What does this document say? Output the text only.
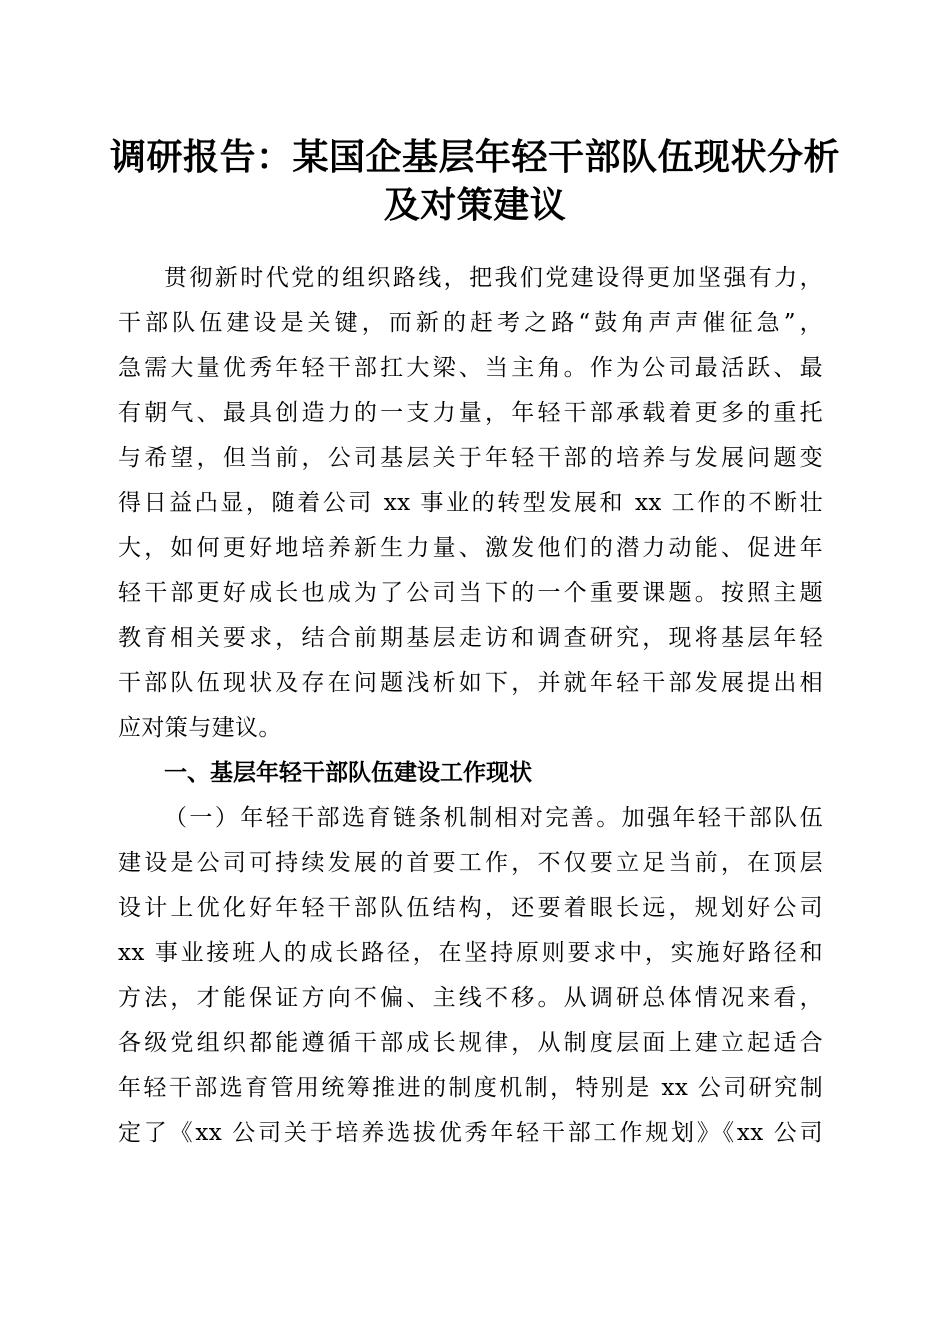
调研报告：某国企基层年轻干部队伍现状分析
及对策建议
贯彻新时代党的组织路线，把我们党建设得更加坚强有力，
干部队伍建设是关键，而新的赶考之路“鼓角声声催征急”，
急需大量优秀年轻干部扛大梁、当主角。作为公司最活跃、最
有朝气、最具创造力的一支力量，年轻干部承载着更多的重托
与希望，但当前，公司基层关于年轻干部的培养与发展问题变
得日益凸显，随着公司 xx 事业的转型发展和 xx 工作的不断壮
大，如何更好地培养新生力量、激发他们的潜力动能、促进年
轻干部更好成长也成为了公司当下的一个重要课题。按照主题
教育相关要求，结合前期基层走访和调查研究，现将基层年轻
干部队伍现状及存在问题浅析如下，并就年轻干部发展提出相
应对策与建议。
一、基层年轻干部队伍建设工作现状
（一）年轻干部选育链条机制相对完善。加强年轻干部队伍
建设是公司可持续发展的首要工作，不仅要立足当前，在顶层
设计上优化好年轻干部队伍结构，还要着眼长远，规划好公司
xx 事业接班人的成长路径，在坚持原则要求中，实施好路径和
方法，才能保证方向不偏、主线不移。从调研总体情况来看，
各级党组织都能遵循干部成长规律，从制度层面上建立起适合
年轻干部选育管用统筹推进的制度机制，特别是 xx 公司研究制
定了《xx 公司关于培养选拔优秀年轻干部工作规划》《xx 公司
